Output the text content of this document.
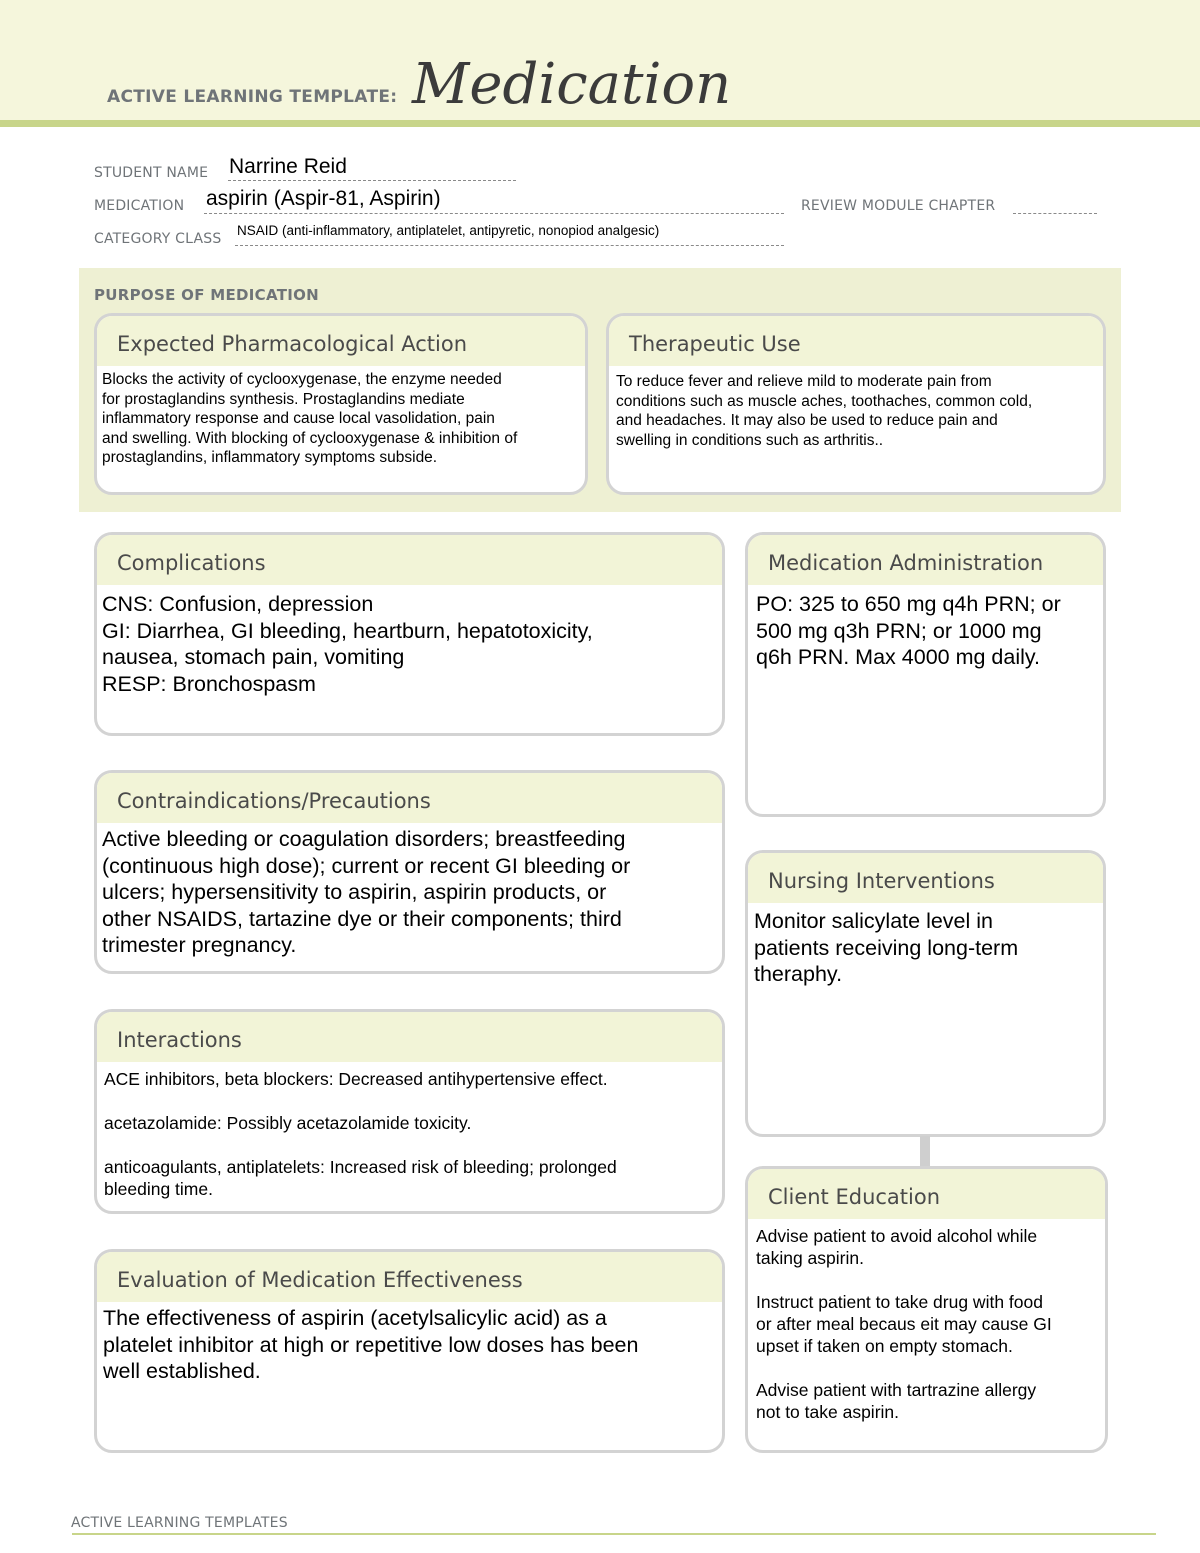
ACTIVE LEARNING TEMPLATE: Medication
STUDENT NAME Narrine Reid
MEDICATION aspirin (Aspir-81, Aspirin)	REVIEW MODULE CHAPTER
CATEGORY CLASS
NSAID (anti-inflammatory, antiplatelet, antipyretic, nonopiod analgesic)
PURPOSE OF MEDICATION
Expected Pharmacological Action

Blocks the activity of cyclooxygenase, the enzyme needed

for prostaglandins synthesis. Prostaglandins mediate

inflammatory response and cause local vasolidation, pain

and swelling. With blocking of cyclooxygenase & inhibition of

prostaglandins, inflammatory symptoms subside.

Therapeutic Use

To reduce fever and relieve mild to moderate pain from

conditions such as muscle aches, toothaches, common cold,

and headaches. It may also be used to reduce pain and

swelling in conditions such as arthritis..

Complications

CNS: Confusion, depression

GI: Diarrhea, GI bleeding, heartburn, hepatotoxicity,

nausea, stomach pain, vomiting

RESP: Bronchospasm

Medication Administration

PO: 325 to 650 mg q4h PRN; or

500 mg q3h PRN; or 1000 mg

q6h PRN. Max 4000 mg daily.

Contraindications/Precautions

Active bleeding or coagulation disorders; breastfeeding

(continuous high dose); current or recent GI bleeding or

ulcers; hypersensitivity to aspirin, aspirin products, or

other NSAIDS, tartazine dye or their components; third

trimester pregnancy.

Nursing Interventions

Monitor salicylate level in

patients receiving long-term

theraphy.

Interactions

ACE inhibitors, beta blockers: Decreased antihypertensive effect.

acetazolamide: Possibly acetazolamide toxicity.

anticoagulants, antiplatelets: Increased risk of bleeding; prolonged

bleeding time.	Client Education

Advise patient to avoid alcohol while

taking aspirin.

Instruct patient to take drug with food

or after meal becaus eit may cause GI

upset if taken on empty stomach.

Advise patient with tartrazine allergy

not to take aspirin.

Evaluation of Medication Effectiveness

The effectiveness of aspirin (acetylsalicylic acid) as a

platelet inhibitor at high or repetitive low doses has been

well established.

ACTIVE LEARNING TEMPLATES
